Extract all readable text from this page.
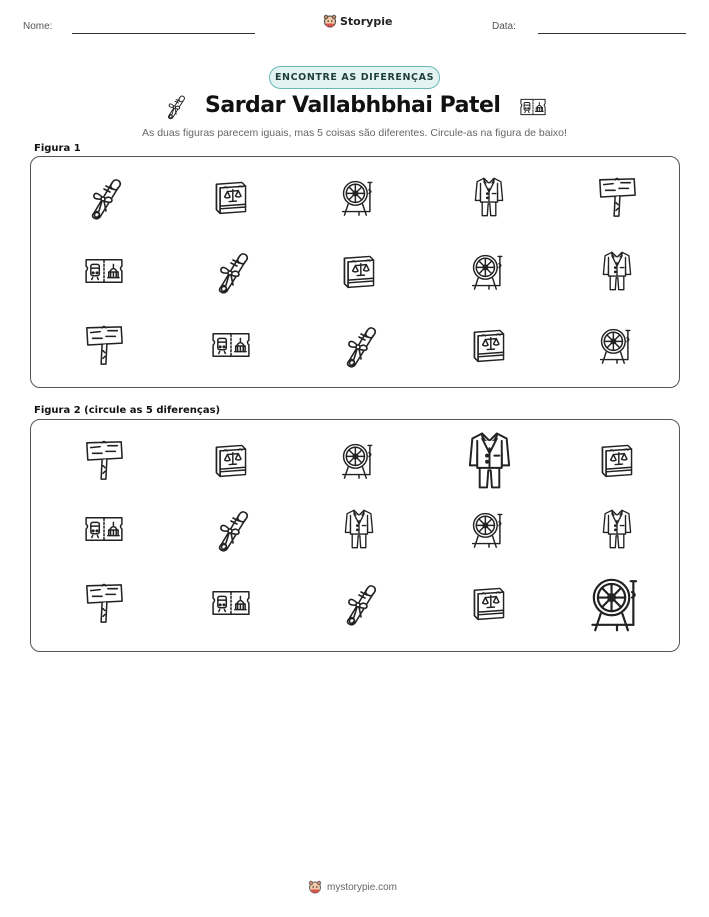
Nome:	Storypie	Data:
ENCONTRE AS DIFERENÇAS
Sardar Vallabhbhai Patel
As duas figuras parecem iguais, mas 5 coisas são diferentes. Circule-as na figura de baixo!
Figura 1
Figura 2 (circule as 5 diferenças)
mystorypie.com
